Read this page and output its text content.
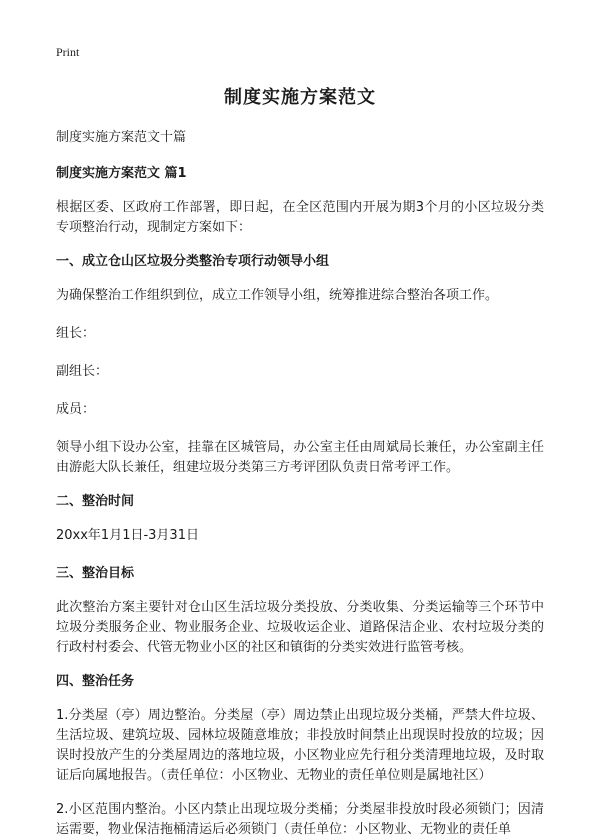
Print
制度实施方案范文
制度实施方案范文十篇
制度实施方案范文 篇1
根据区委、区政府工作部署，即日起，在全区范围内开展为期3个月的小区垃圾分类专项整治行动，现制定方案如下：
一、成立仓山区垃圾分类整治专项行动领导小组
为确保整治工作组织到位，成立工作领导小组，统筹推进综合整治各项工作。
组长：
副组长：
成员：
领导小组下设办公室，挂靠在区城管局，办公室主任由周斌局长兼任，办公室副主任由游彪大队长兼任，组建垃圾分类第三方考评团队负责日常考评工作。
二、整治时间
20xx年1月1日-3月31日
三、整治目标
此次整治方案主要针对仓山区生活垃圾分类投放、分类收集、分类运输等三个环节中垃圾分类服务企业、物业服务企业、垃圾收运企业、道路保洁企业、农村垃圾分类的行政村村委会、代管无物业小区的社区和镇街的分类实效进行监管考核。
四、整治任务
1.分类屋（亭）周边整治。分类屋（亭）周边禁止出现垃圾分类桶，严禁大件垃圾、生活垃圾、建筑垃圾、园林垃圾随意堆放；非投放时间禁止出现误时投放的垃圾；因误时投放产生的分类屋周边的落地垃圾，小区物业应先行租分类清理地垃圾，及时取证后向属地报告。（责任单位：小区物业、无物业的责任单位则是属地社区）
2.小区范围内整治。小区内禁止出现垃圾分类桶；分类屋非投放时段必须锁门；因清运需要，物业保洁拖桶清运后必须锁门（责任单位：小区物业、无物业的责任单
